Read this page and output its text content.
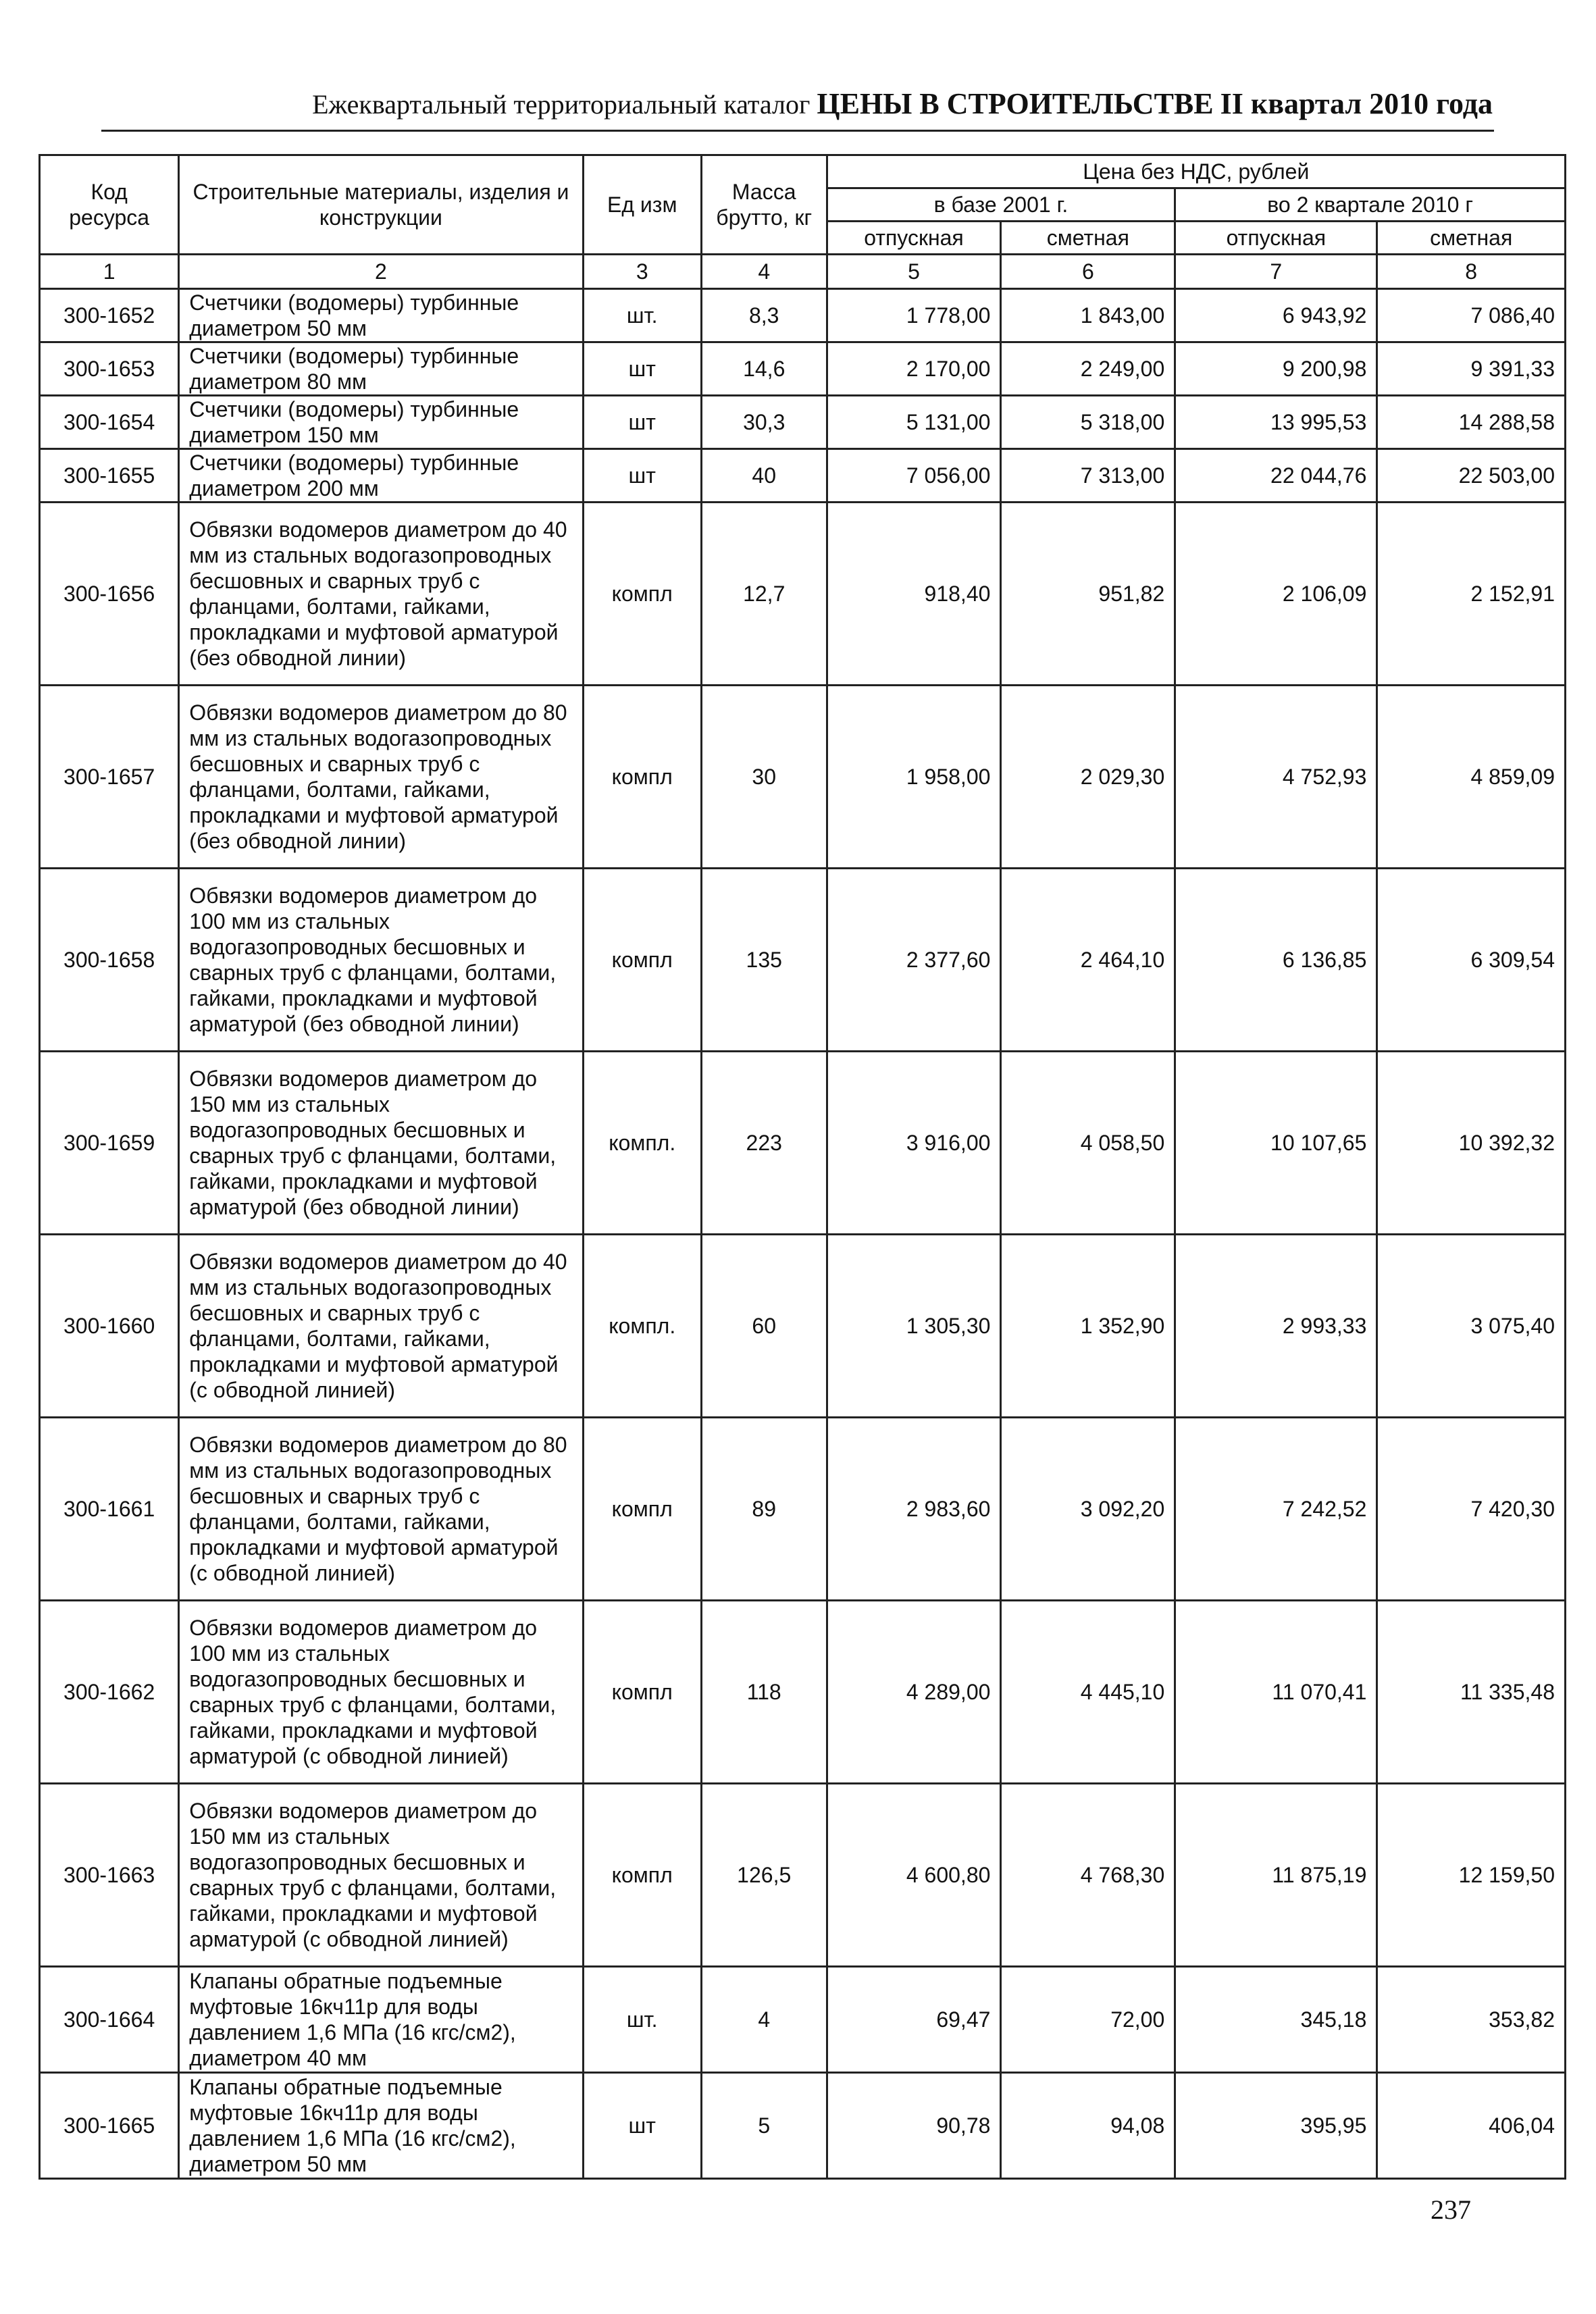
Ежеквартальный территориальный каталог ЦЕНЫ В СТРОИТЕЛЬСТВЕ II квартал 2010 года
Код ресурса	Строительные материалы, изделия и конструкции	Ед изм	Масса брутто, кг	Цена без НДС, рублей			
				в базе 2001 г.		во 2 квартале 2010 г	
				отпускная	сметная	отпускная	сметная
1	2	3	4	5	6	7	8
300-1652	Счетчики (водомеры) турбинные диаметром 50 мм	шт.	8,3	1 778,00	1 843,00	6 943,92	7 086,40
300-1653	Счетчики (водомеры) турбинные диаметром 80 мм	шт	14,6	2 170,00	2 249,00	9 200,98	9 391,33
300-1654	Счетчики (водомеры) турбинные диаметром 150 мм	шт	30,3	5 131,00	5 318,00	13 995,53	14 288,58
300-1655	Счетчики (водомеры) турбинные диаметром 200 мм	шт	40	7 056,00	7 313,00	22 044,76	22 503,00
300-1656	Обвязки водомеров диаметром до 40 мм из стальных водогазопроводных бесшовных и сварных труб с фланцами, болтами, гайками, прокладками и муфтовой арматурой (без обводной линии)	компл	12,7	918,40	951,82	2 106,09	2 152,91
300-1657	Обвязки водомеров диаметром до 80 мм из стальных водогазопроводных бесшовных и сварных труб с фланцами, болтами, гайками, прокладками и муфтовой арматурой (без обводной линии)	компл	30	1 958,00	2 029,30	4 752,93	4 859,09
300-1658	Обвязки водомеров диаметром до 100 мм из стальных водогазопроводных бесшовных и сварных труб с фланцами, болтами, гайками, прокладками и муфтовой арматурой (без обводной линии)	компл	135	2 377,60	2 464,10	6 136,85	6 309,54
300-1659	Обвязки водомеров диаметром до 150 мм из стальных водогазопроводных бесшовных и сварных труб с фланцами, болтами, гайками, прокладками и муфтовой арматурой (без обводной линии)	компл.	223	3 916,00	4 058,50	10 107,65	10 392,32
300-1660	Обвязки водомеров диаметром до 40 мм из стальных водогазопроводных бесшовных и сварных труб с фланцами, болтами, гайками, прокладками и муфтовой арматурой (с обводной линией)	компл.	60	1 305,30	1 352,90	2 993,33	3 075,40
300-1661	Обвязки водомеров диаметром до 80 мм из стальных водогазопроводных бесшовных и сварных труб с фланцами, болтами, гайками, прокладками и муфтовой арматурой (с обводной линией)	компл	89	2 983,60	3 092,20	7 242,52	7 420,30
300-1662	Обвязки водомеров диаметром до 100 мм из стальных водогазопроводных бесшовных и сварных труб с фланцами, болтами, гайками, прокладками и муфтовой арматурой (с обводной линией)	компл	118	4 289,00	4 445,10	11 070,41	11 335,48
300-1663	Обвязки водомеров диаметром до 150 мм из стальных водогазопроводных бесшовных и сварных труб с фланцами, болтами, гайками, прокладками и муфтовой арматурой (с обводной линией)	компл	126,5	4 600,80	4 768,30	11 875,19	12 159,50
300-1664	Клапаны обратные подъемные муфтовые 16кч11р для воды давлением 1,6 МПа (16 кгс/см2), диаметром 40 мм	шт.	4	69,47	72,00	345,18	353,82
300-1665	Клапаны обратные подъемные муфтовые 16кч11р для воды давлением 1,6 МПа (16 кгс/см2), диаметром 50 мм	шт	5	90,78	94,08	395,95	406,04
237
